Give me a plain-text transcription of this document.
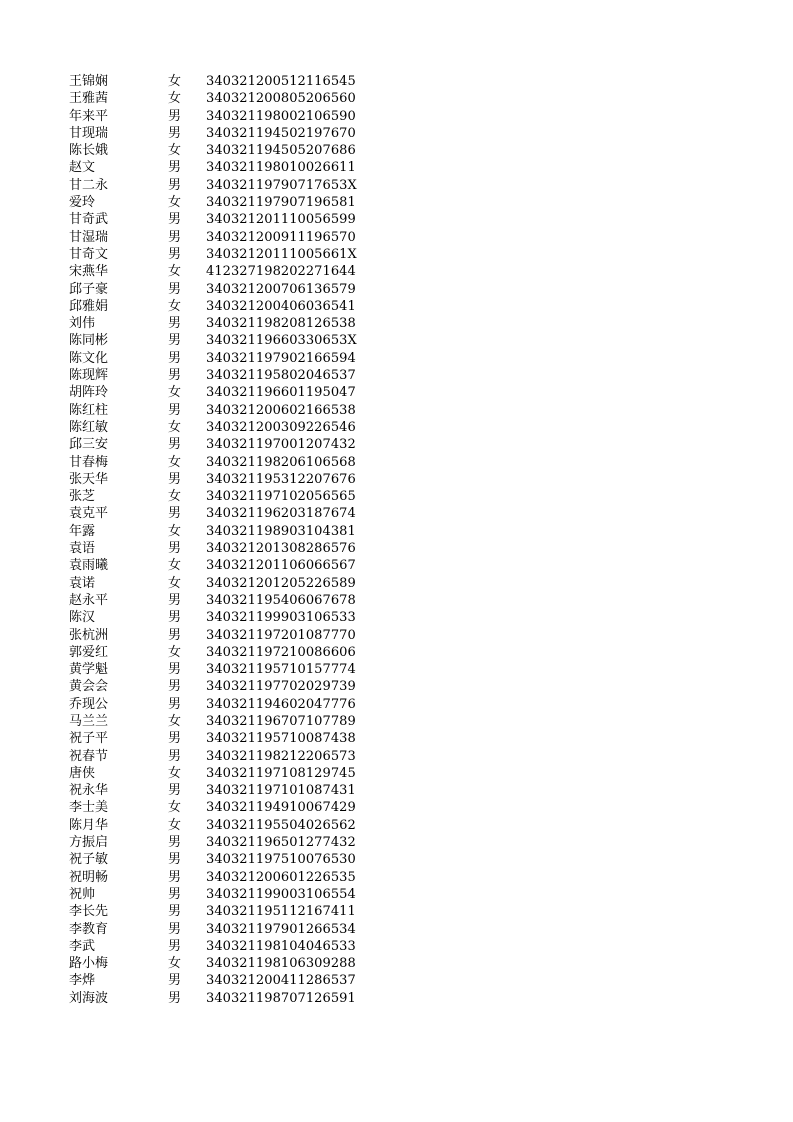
王锦娴	女 340321200512116545
王雅茜	女 340321200805206560
年来平	男 340321198002106590
甘现瑞	男 340321194502197670
陈长娥	女 340321194505207686
赵文	男 340321198010026611
甘二永	男 34032119790717653X
爱玲	女 340321197907196581
甘奇武	男 340321201110056599
甘湿瑞	男 340321200911196570
甘奇文	男 34032120111005661X
宋燕华	女 412327198202271644
邱子豪	男 340321200706136579
邱雅娟	女 340321200406036541
刘伟	男 340321198208126538
陈同彬	男 34032119660330653X
陈文化	男 340321197902166594
陈现辉	男 340321195802046537
胡阵玲	女 340321196601195047
陈红柱	男 340321200602166538
陈红敏	女 340321200309226546
邱三安	男 340321197001207432
甘春梅	女 340321198206106568
张天华	男 340321195312207676
张芝	女 340321197102056565
袁克平	男 340321196203187674
年露	女 340321198903104381
袁语	男 340321201308286576
袁雨曦	女 340321201106066567
袁诺	女 340321201205226589
赵永平	男 340321195406067678
陈汉	男 340321199903106533
张杭洲	男 340321197201087770
郭爱红	女 340321197210086606
黄学魁	男 340321195710157774
黄会会	男 340321197702029739
乔现公	男 340321194602047776
马兰兰	女 340321196707107789
祝子平	男 340321195710087438
祝春节	男 340321198212206573
唐侠	女 340321197108129745
祝永华	男 340321197101087431
李士美	女 340321194910067429
陈月华	女 340321195504026562
方振启	男 340321196501277432
祝子敏	男 340321197510076530
祝明畅	男 340321200601226535
祝帅	男 340321199003106554
李长先	男 340321195112167411
李教育	男 340321197901266534
李武	男 340321198104046533
路小梅	女 340321198106309288
李烨	男 340321200411286537
刘海波	男 340321198707126591
